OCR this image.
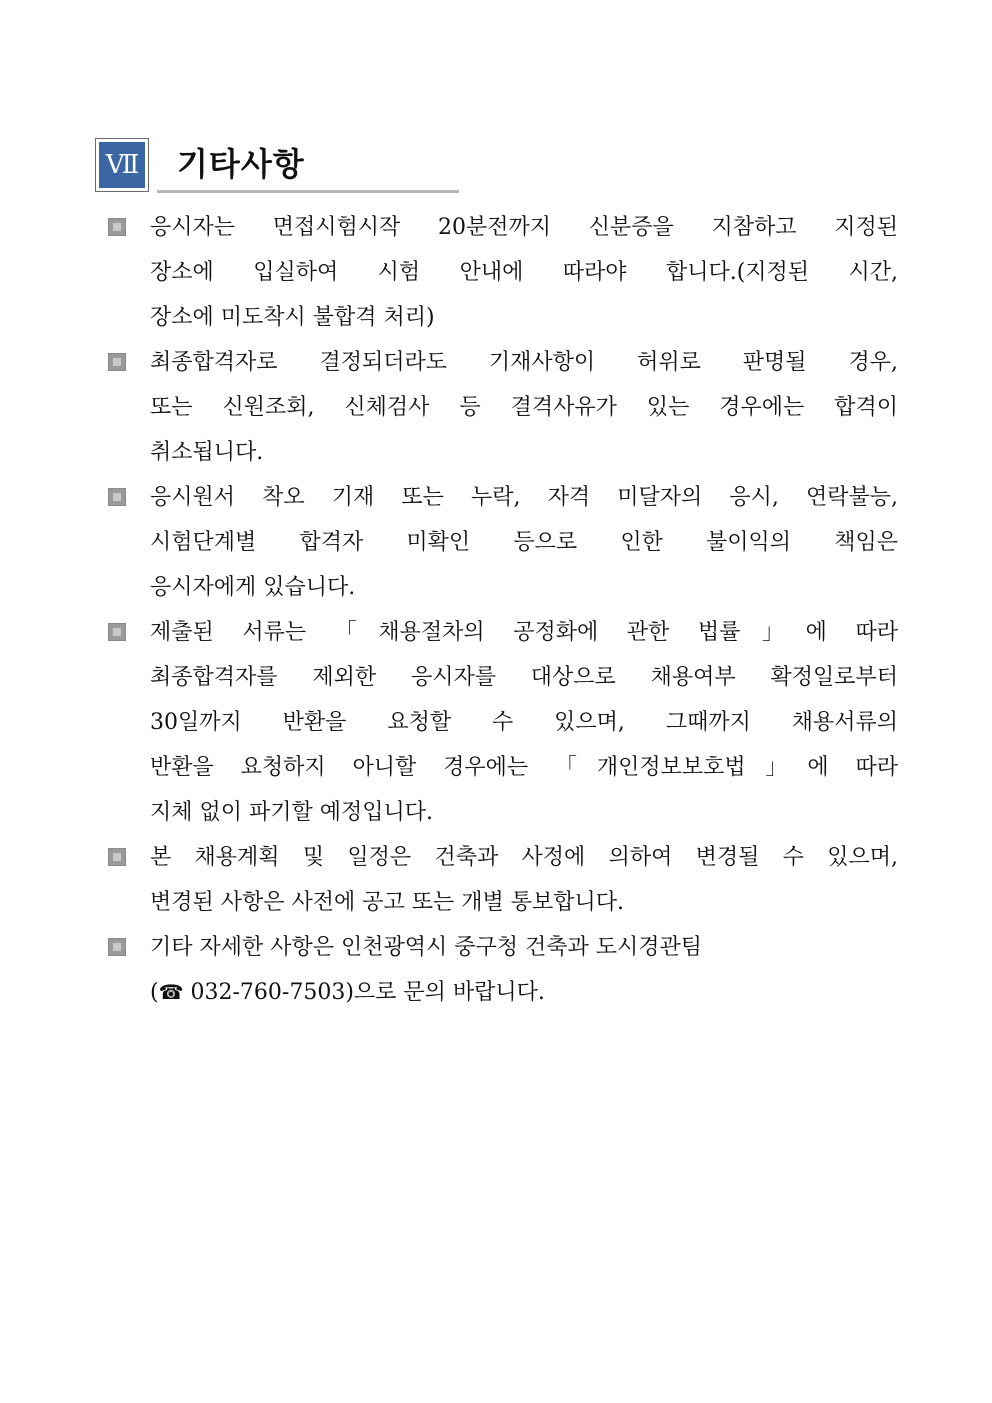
Ⅶ 기타사항
응시자는 면접시험시작 20분전까지 신분증을 지참하고 지정된
장소에 입실하여 시험 안내에 따라야 합니다.(지정된 시간,
장소에 미도착시 불합격 처리)
최종합격자로 결정되더라도 기재사항이 허위로 판명될 경우,
또는 신원조회, 신체검사 등 결격사유가 있는 경우에는 합격이
취소됩니다.
응시원서 착오 기재 또는 누락, 자격 미달자의 응시, 연락불능,
시험단계별 합격자 미확인 등으로 인한 불이익의 책임은
응시자에게 있습니다.
제출된 서류는 「채용절차의 공정화에 관한 법률」에 따라
최종합격자를 제외한 응시자를 대상으로 채용여부 확정일로부터
30일까지 반환을 요청할 수 있으며, 그때까지 채용서류의
반환을 요청하지 아니할 경우에는 「개인정보보호법」에 따라
지체 없이 파기할 예정입니다.
본 채용계획 및 일정은 건축과 사정에 의하여 변경될 수 있으며,
변경된 사항은 사전에 공고 또는 개별 통보합니다.
기타 자세한 사항은 인천광역시 중구청 건축과 도시경관팀
(☎ 032-760-7503)으로 문의 바랍니다.
